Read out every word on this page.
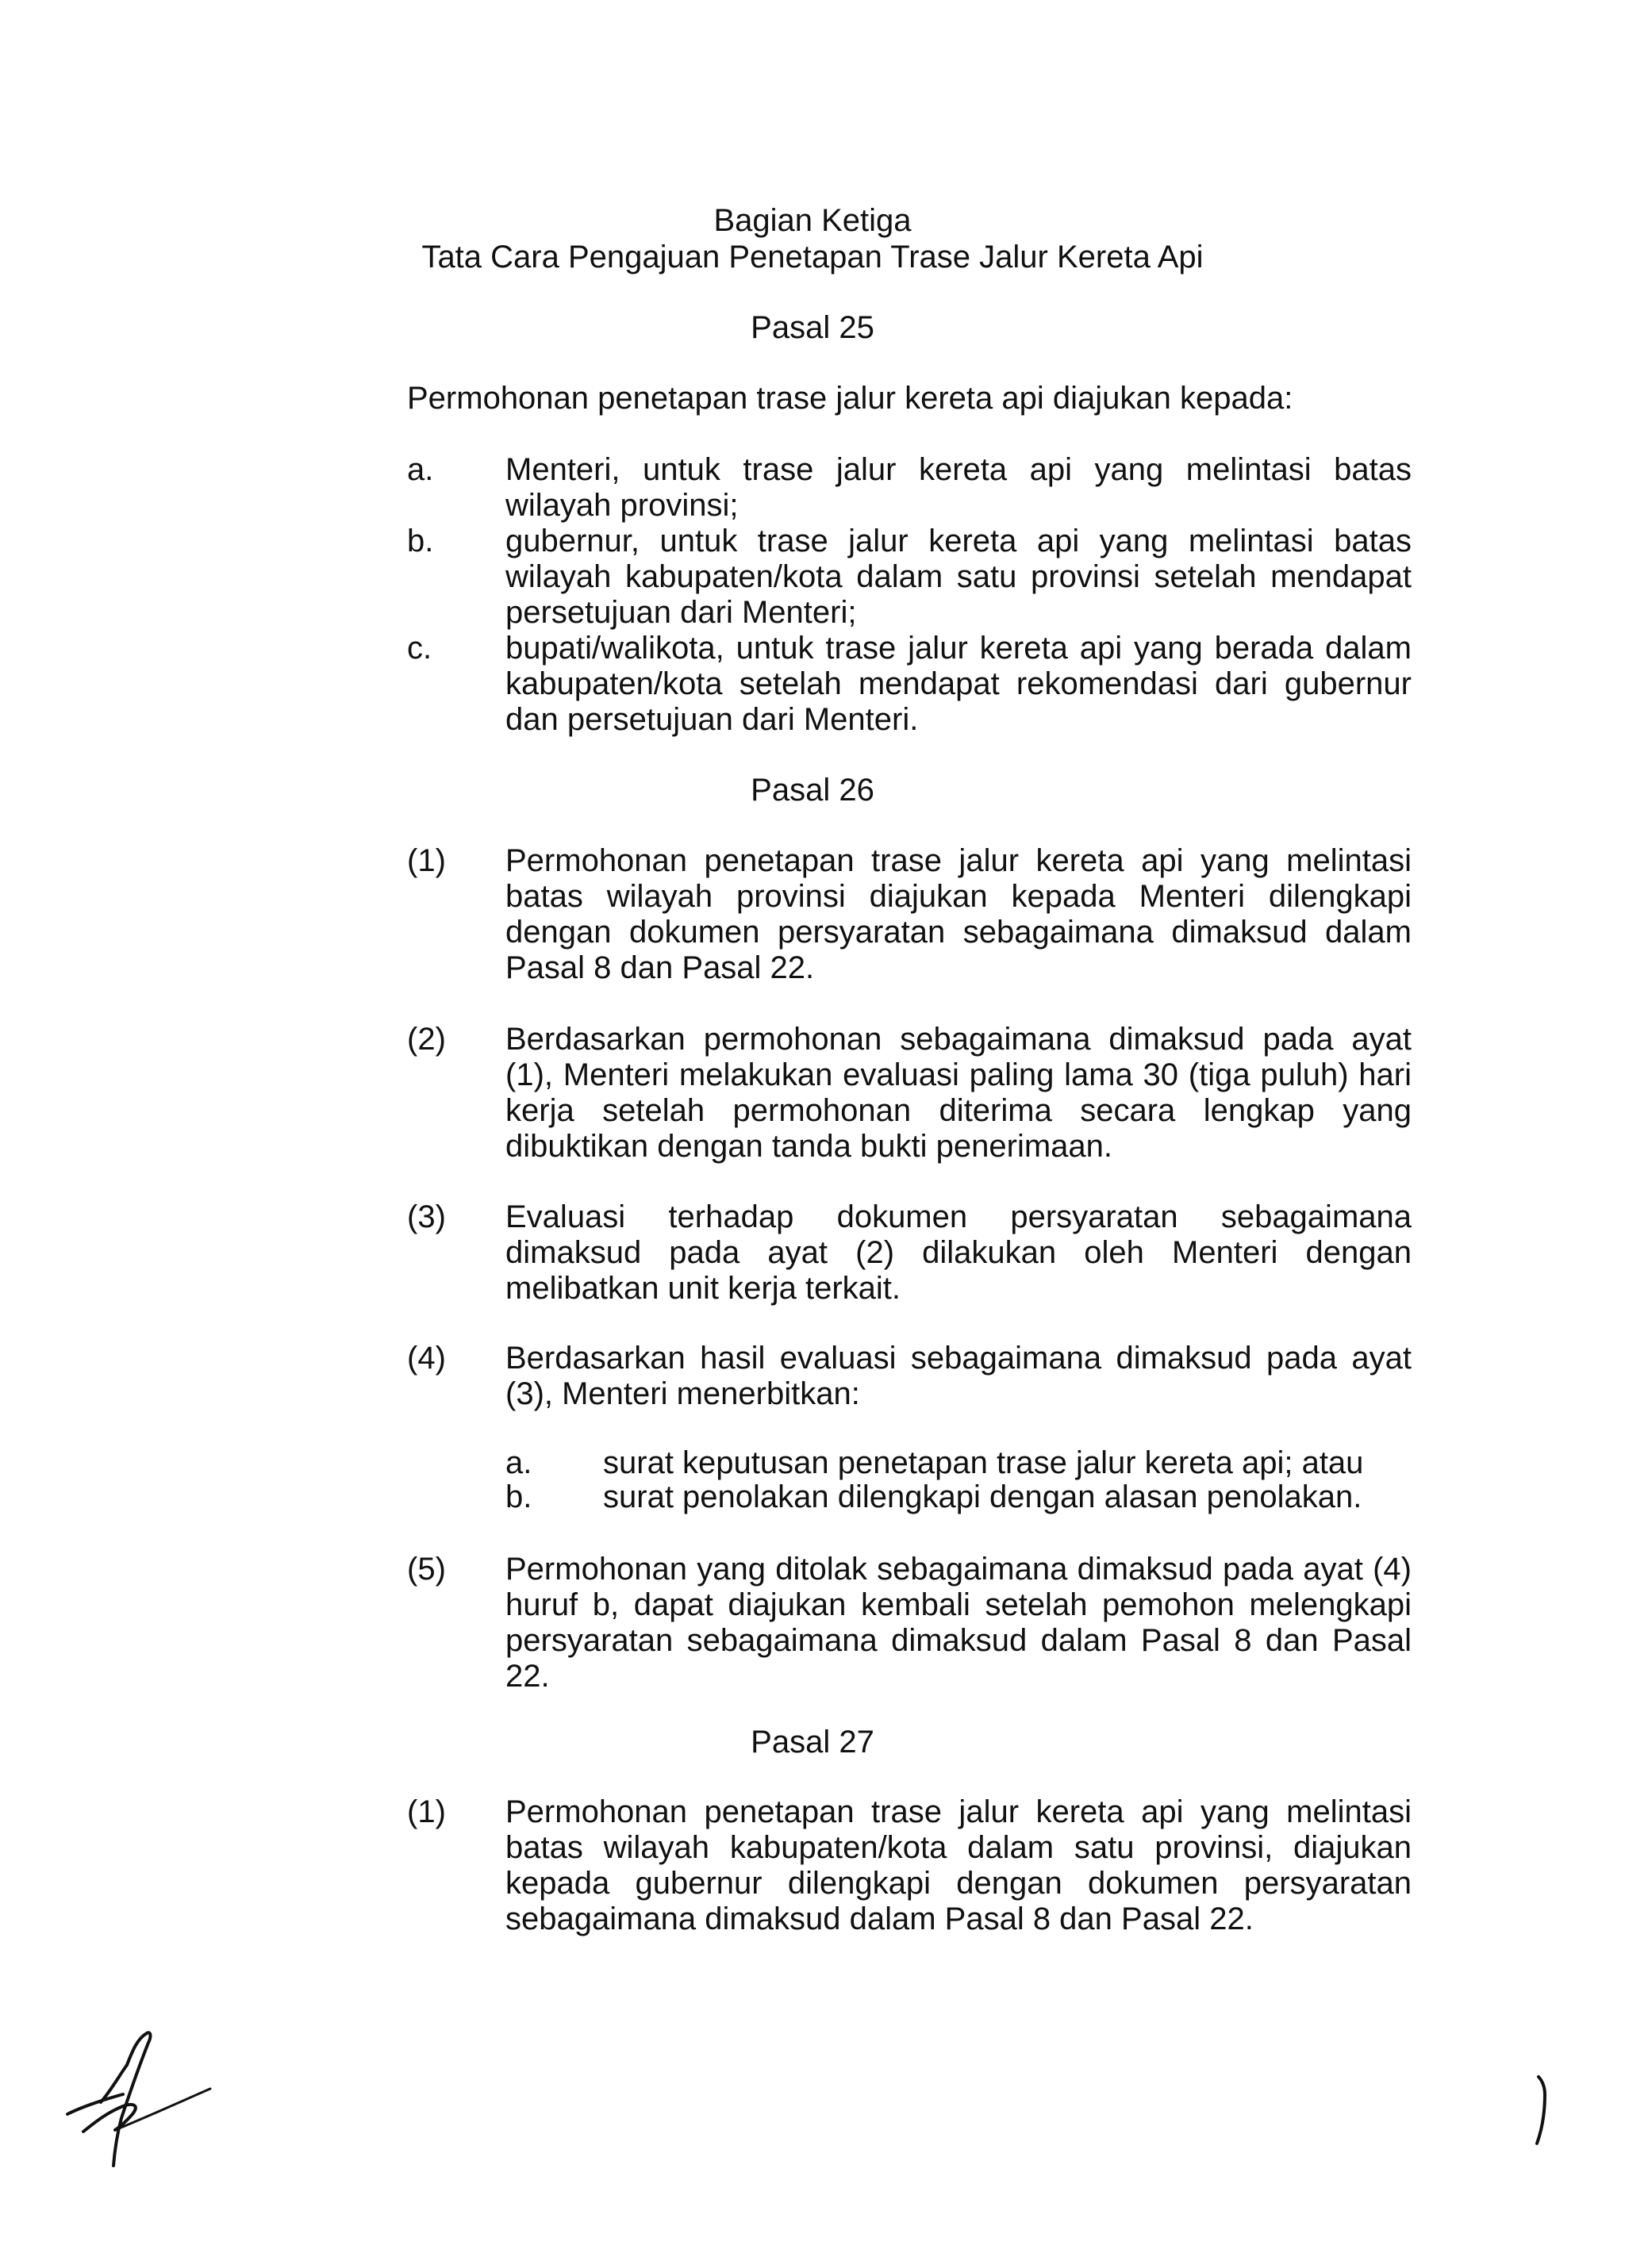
Bagian Ketiga
Tata Cara Pengajuan Penetapan Trase Jalur Kereta Api
Pasal 25
Permohonan penetapan trase jalur kereta api diajukan kepada:
a. Menteri, untuk trase jalur kereta api yang melintasi batas wilayah provinsi;
b. gubernur, untuk trase jalur kereta api yang melintasi batas wilayah kabupaten/kota dalam satu provinsi setelah mendapat persetujuan dari Menteri;
c. bupati/walikota, untuk trase jalur kereta api yang berada dalam kabupaten/kota setelah mendapat rekomendasi dari gubernur dan persetujuan dari Menteri.
Pasal 26
(1) Permohonan penetapan trase jalur kereta api yang melintasi batas wilayah provinsi diajukan kepada Menteri dilengkapi dengan dokumen persyaratan sebagaimana dimaksud dalam Pasal 8 dan Pasal 22.
(2) Berdasarkan permohonan sebagaimana dimaksud pada ayat (1), Menteri melakukan evaluasi paling lama 30 (tiga puluh) hari kerja setelah permohonan diterima secara lengkap yang dibuktikan dengan tanda bukti penerimaan.
(3) Evaluasi terhadap dokumen persyaratan sebagaimana dimaksud pada ayat (2) dilakukan oleh Menteri dengan melibatkan unit kerja terkait.
(4) Berdasarkan hasil evaluasi sebagaimana dimaksud pada ayat (3), Menteri menerbitkan:
a. surat keputusan penetapan trase jalur kereta api; atau
b. surat penolakan dilengkapi dengan alasan penolakan.
(5) Permohonan yang ditolak sebagaimana dimaksud pada ayat (4) huruf b, dapat diajukan kembali setelah pemohon melengkapi persyaratan sebagaimana dimaksud dalam Pasal 8 dan Pasal 22.
Pasal 27
(1) Permohonan penetapan trase jalur kereta api yang melintasi batas wilayah kabupaten/kota dalam satu provinsi, diajukan kepada gubernur dilengkapi dengan dokumen persyaratan sebagaimana dimaksud dalam Pasal 8 dan Pasal 22.
